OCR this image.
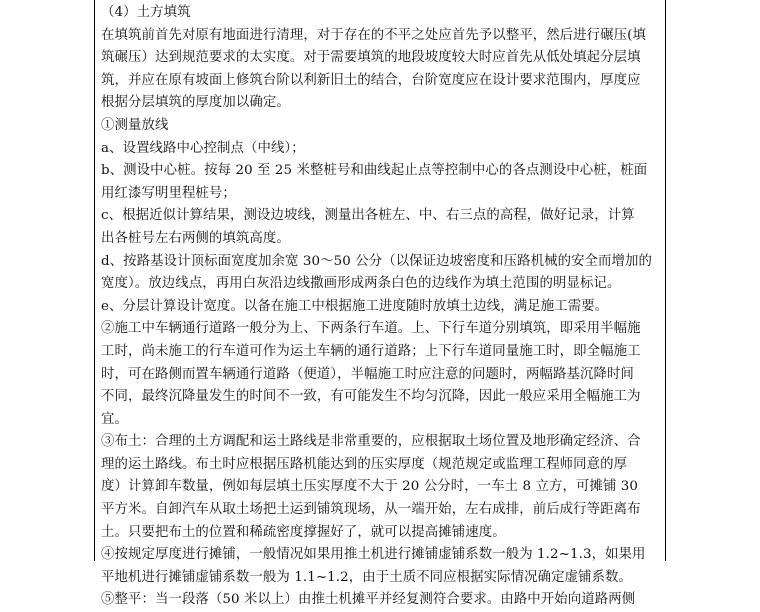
（4）土方填筑
在填筑前首先对原有地面进行清理，对于存在的不平之处应首先予以整平，然后进行碾压(填
筑碾压）达到规范要求的太实度。对于需要填筑的地段坡度较大时应首先从低处填起分层填
筑，并应在原有坡面上修筑台阶以利新旧土的结合，台阶宽度应在设计要求范围内，厚度应
根据分层填筑的厚度加以确定。
①测量放线
a、设置线路中心控制点（中线）；
b、测设中心桩。按每 20 至 25 米整桩号和曲线起止点等控制中心的各点测设中心桩，桩面
用红漆写明里程桩号；
c、根据近似计算结果，测设边坡线，测量出各桩左、中、右三点的高程，做好记录，计算
出各桩号左右两侧的填筑高度。
d、按路基设计顶标面宽度加余宽 30～50 公分（以保证边坡密度和压路机械的安全而增加的
宽度）。放边线点，再用白灰沿边线撒画形成两条白色的边线作为填土范围的明显标记。
e、分层计算设计宽度。以备在施工中根据施工进度随时放填土边线，满足施工需要。
②施工中车辆通行道路一般分为上、下两条行车道。上、下行车道分别填筑，即采用半幅施
工时，尚未施工的行车道可作为运土车辆的通行道路；上下行车道同量施工时，即全幅施工
时，可在路侧而置车辆通行道路（便道），半幅施工时应注意的问题时，两幅路基沉降时间
不同，最终沉降量发生的时间不一致，有可能发生不均匀沉降，因此一般应采用全幅施工为
宜。
③布土：合理的土方调配和运土路线是非常重要的，应根据取土场位置及地形确定经济、合
理的运土路线。布土时应根据压路机能达到的压实厚度（规范规定或监理工程师同意的厚
度）计算卸车数量，例如每层填土压实厚度不大于 20 公分时，一车土 8 立方，可摊铺 30
平方米。自卸汽车从取土场把土运到铺筑现场，从一端开始，左右成排，前后成行等距离布
土。只要把布土的位置和稀疏密度撑握好了，就可以提高摊铺速度。
④按规定厚度进行摊铺，一般情况如果用推土机进行摊铺虚铺系数一般为 1.2~1.3，如果用
平地机进行摊铺虚铺系数一般为 1.1~1.2，由于土质不同应根据实际情况确定虚铺系数。
⑤整平：当一段落（50 米以上）由推土机摊平并经复测符合要求。由路中开始向道路两侧
